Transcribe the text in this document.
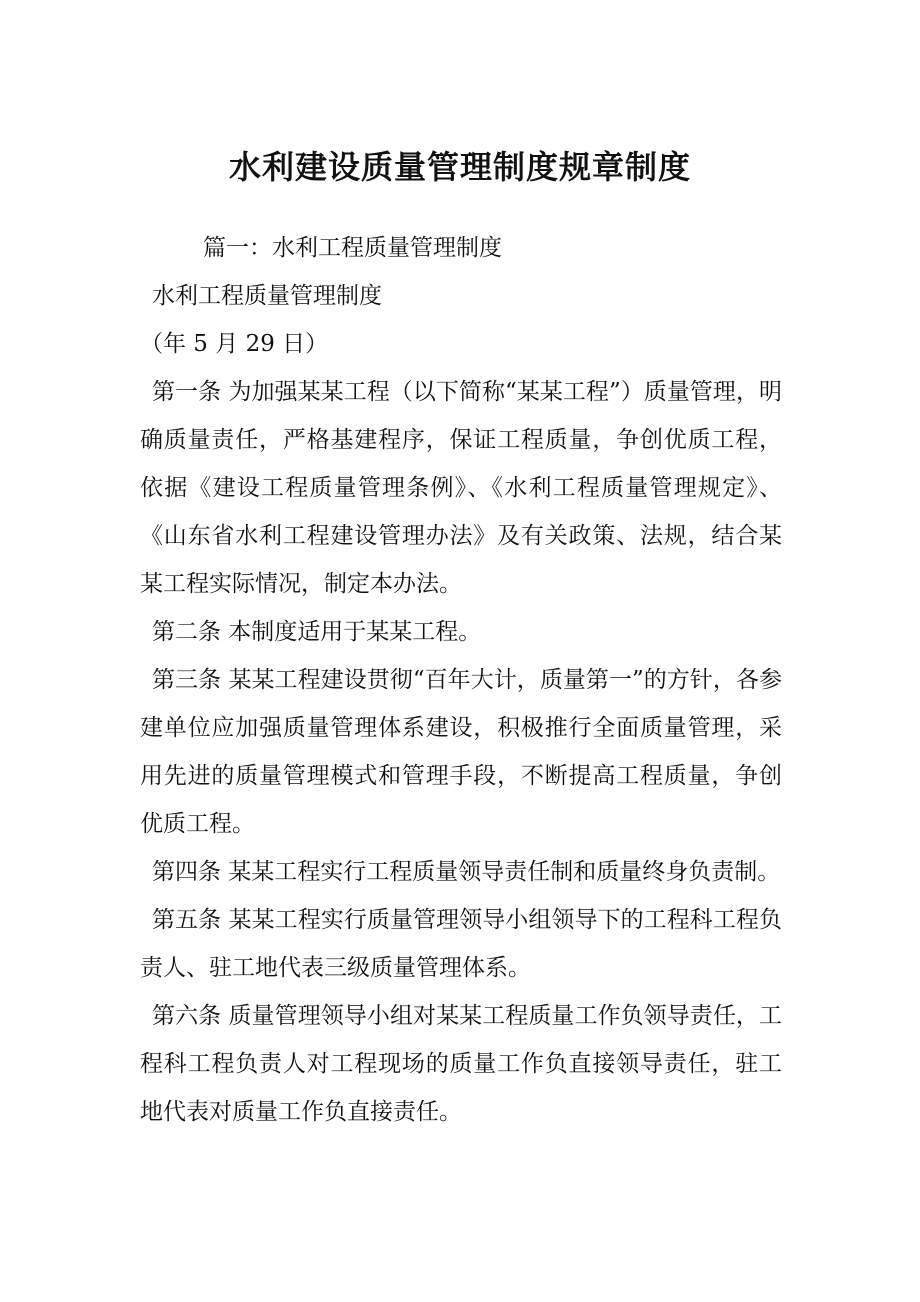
水利建设质量管理制度规章制度

篇一：水利工程质量管理制度

水利工程质量管理制度

（年 5 月 29 日）

第一条 为加强某某工程（以下简称“某某工程”）质量管理，明确质量责任，严格基建程序，保证工程质量，争创优质工程，依据《建设工程质量管理条例》、《水利工程质量管理规定》、《山东省水利工程建设管理办法》及有关政策、法规，结合某某工程实际情况，制定本办法。

第二条 本制度适用于某某工程。

第三条 某某工程建设贯彻“百年大计，质量第一”的方针，各参建单位应加强质量管理体系建设，积极推行全面质量管理，采用先进的质量管理模式和管理手段，不断提高工程质量，争创优质工程。

第四条 某某工程实行工程质量领导责任制和质量终身负责制。

第五条 某某工程实行质量管理领导小组领导下的工程科工程负责人、驻工地代表三级质量管理体系。

第六条 质量管理领导小组对某某工程质量工作负领导责任，工程科工程负责人对工程现场的质量工作负直接领导责任，驻工地代表对质量工作负直接责任。
